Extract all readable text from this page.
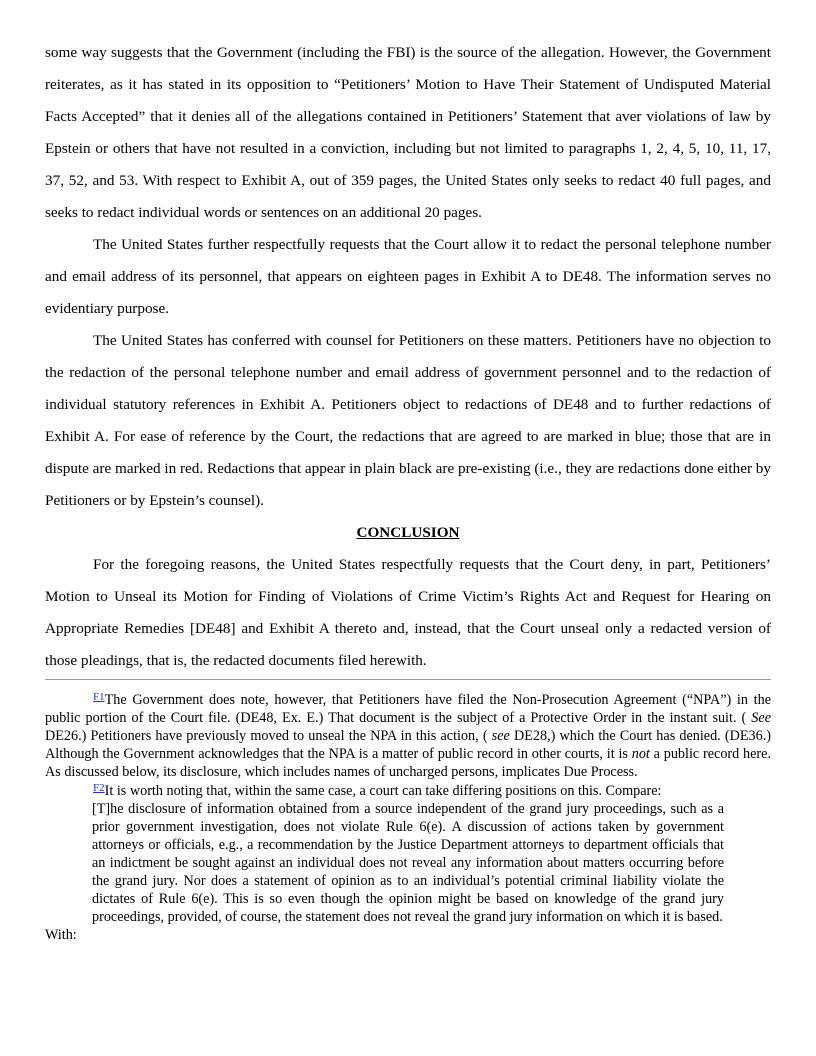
some way suggests that the Government (including the FBI) is the source of the allegation. However, the Government reiterates, as it has stated in its opposition to “Petitioners’ Motion to Have Their Statement of Undisputed Material Facts Accepted” that it denies all of the allegations contained in Petitioners’ Statement that aver violations of law by Epstein or others that have not resulted in a conviction, including but not limited to paragraphs 1, 2, 4, 5, 10, 11, 17, 37, 52, and 53. With respect to Exhibit A, out of 359 pages, the United States only seeks to redact 40 full pages, and seeks to redact individual words or sentences on an additional 20 pages.

The United States further respectfully requests that the Court allow it to redact the personal telephone number and email address of its personnel, that appears on eighteen pages in Exhibit A to DE48. The information serves no evidentiary purpose.

The United States has conferred with counsel for Petitioners on these matters. Petitioners have no objection to the redaction of the personal telephone number and email address of government personnel and to the redaction of individual statutory references in Exhibit A. Petitioners object to redactions of DE48 and to further redactions of Exhibit A. For ease of reference by the Court, the redactions that are agreed to are marked in blue; those that are in dispute are marked in red. Redactions that appear in plain black are pre-existing (i.e., they are redactions done either by Petitioners or by Epstein’s counsel).

CONCLUSION

For the foregoing reasons, the United States respectfully requests that the Court deny, in part, Petitioners’ Motion to Unseal its Motion for Finding of Violations of Crime Victim’s Rights Act and Request for Hearing on Appropriate Remedies [DE48] and Exhibit A thereto and, instead, that the Court unseal only a redacted version of those pleadings, that is, the redacted documents filed herewith.

F1The Government does note, however, that Petitioners have filed the Non-Prosecution Agreement (“NPA”) in the public portion of the Court file. (DE48, Ex. E.) That document is the subject of a Protective Order in the instant suit. ( See DE26.) Petitioners have previously moved to unseal the NPA in this action, ( see DE28,) which the Court has denied. (DE36.) Although the Government acknowledges that the NPA is a matter of public record in other courts, it is not a public record here. As discussed below, its disclosure, which includes names of uncharged persons, implicates Due Process.

F2It is worth noting that, within the same case, a court can take differing positions on this. Compare:

[T]he disclosure of information obtained from a source independent of the grand jury proceedings, such as a prior government investigation, does not violate Rule 6(e). A discussion of actions taken by government attorneys or officials, e.g., a recommendation by the Justice Department attorneys to department officials that an indictment be sought against an individual does not reveal any information about matters occurring before the grand jury. Nor does a statement of opinion as to an individual’s potential criminal liability violate the dictates of Rule 6(e). This is so even though the opinion might be based on knowledge of the grand jury proceedings, provided, of course, the statement does not reveal the grand jury information on which it is based.

With:
